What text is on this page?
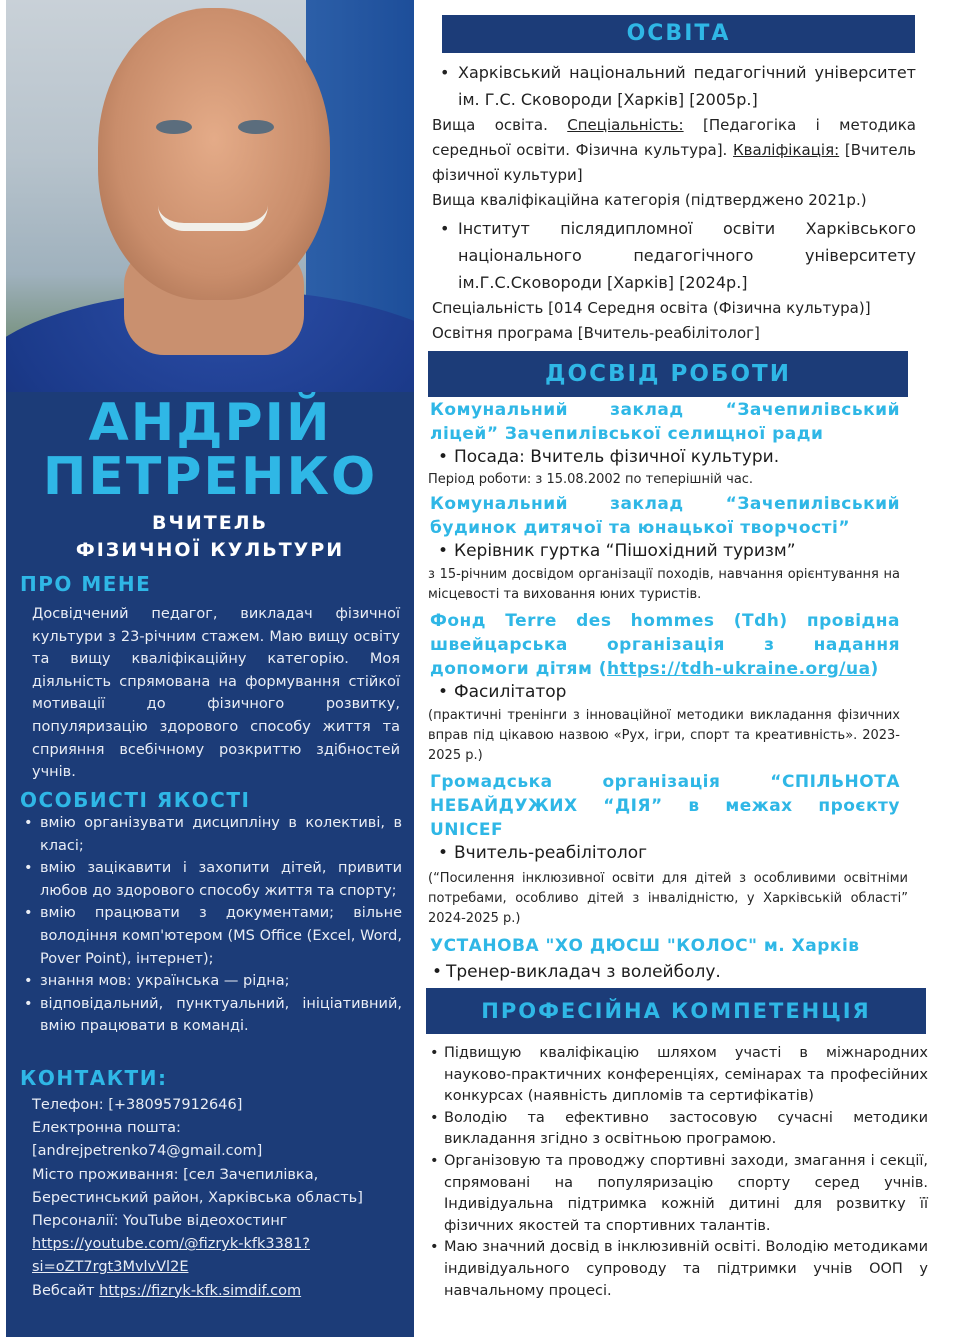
АНДРІЙ
ПЕТРЕНКО
ВЧИТЕЛЬ
ФІЗИЧНОЇ КУЛЬТУРИ
ПРО МЕНЕ
Досвідчений педагог, викладач фізичної культури з 23-річним стажем. Маю вищу освіту та вищу кваліфікаційну категорію. Моя діяльність спрямована на формування стійкої мотивації до фізичного розвитку, популяризацію здорового способу життя та сприяння всебічному розкриттю здібностей учнів.
ОСОБИСТІ ЯКОСТІ
• вмію організувати дисципліну в колективі, в класі;
• вмію зацікавити і захопити дітей, привити любов до здорового способу життя та спорту;
• вмію працювати з документами; вільне володіння комп'ютером (MS Office (Excel, Word, Pover Point), інтернет);
• знання мов: українська — рідна;
• відповідальний, пунктуальний, ініціативний, вмію працювати в команді.
КОНТАКТИ:
Телефон: [+380957912646]
Електронна пошта:
[andrejpetrenko74@gmail.com]
Місто проживання: [сел Зачепилівка,
Берестинський район, Харківська область]
Персоналії: YouTube відеохостинг
https://youtube.com/@fizryk-kfk3381?
si=oZT7rgt3MvlvVl2E
Вебсайт https://fizryk-kfk.simdif.com
ОСВІТА
• Харківський національний педагогічний університет ім. Г.С. Сковороди [Харків] [2005р.]
Вища освіта. Спеціальність: [Педагогіка і методика середньої освіти. Фізична культура]. Кваліфікація: [Вчитель фізичної культури]
Вища кваліфікаційна категорія (підтверджено 2021р.)
• Інститут післядипломної освіти Харківського національного педагогічного університету ім.Г.С.Сковороди [Харків] [2024р.]
Спеціальність [014 Середня освіта (Фізична культура)]
Освітня програма [Вчитель-реабілітолог]
ДОСВІД РОБОТИ
Комунальний заклад “Зачепилівський ліцей” Зачепилівської селищної ради
• Посада: Вчитель фізичної культури.
Період роботи: з 15.08.2002 по теперішній час.
Комунальний заклад “Зачепилівський будинок дитячої та юнацької творчості”
• Керівник гуртка “Пішохідний туризм”
з 15-річним досвідом організації походів, навчання орієнтування на місцевості та виховання юних туристів.
Фонд Terre des hommes (Tdh) провідна швейцарська організація з надання допомоги дітям (https://tdh-ukraine.org/ua)
• Фасилітатор
(практичні тренінги з інноваційної методики викладання фізичних вправ під цікавою назвою «Рух, ігри, спорт та креативність». 2023-2025 р.)
Громадська організація “СПІЛЬНОТА НЕБАЙДУЖИХ “ДІЯ” в межах проєкту UNICEF
• Вчитель-реабілітолог
(“Посилення інклюзивної освіти для дітей з особливими освітніми потребами, особливо дітей з інвалідністю, у Харківській області” 2024-2025 р.)
УСТАНОВА "ХО ДЮСШ "КОЛОС" м. Харків
• Тренер-викладач з волейболу.
ПРОФЕСІЙНА КОМПЕТЕНЦІЯ
• Підвищую кваліфікацію шляхом участі в міжнародних науково-практичних конференціях, семінарах та професійних конкурсах (наявність дипломів та сертифікатів)
• Володію та ефективно застосовую сучасні методики викладання згідно з освітньою програмою.
• Організовую та проводжу спортивні заходи, змагання і секції, спрямовані на популяризацію спорту серед учнів. Індивідуальна підтримка кожній дитині для розвитку її фізичних якостей та спортивних талантів.
• Маю значний досвід в інклюзивній освіті. Володію методиками індивідуального супроводу та підтримки учнів ООП у навчальному процесі.
